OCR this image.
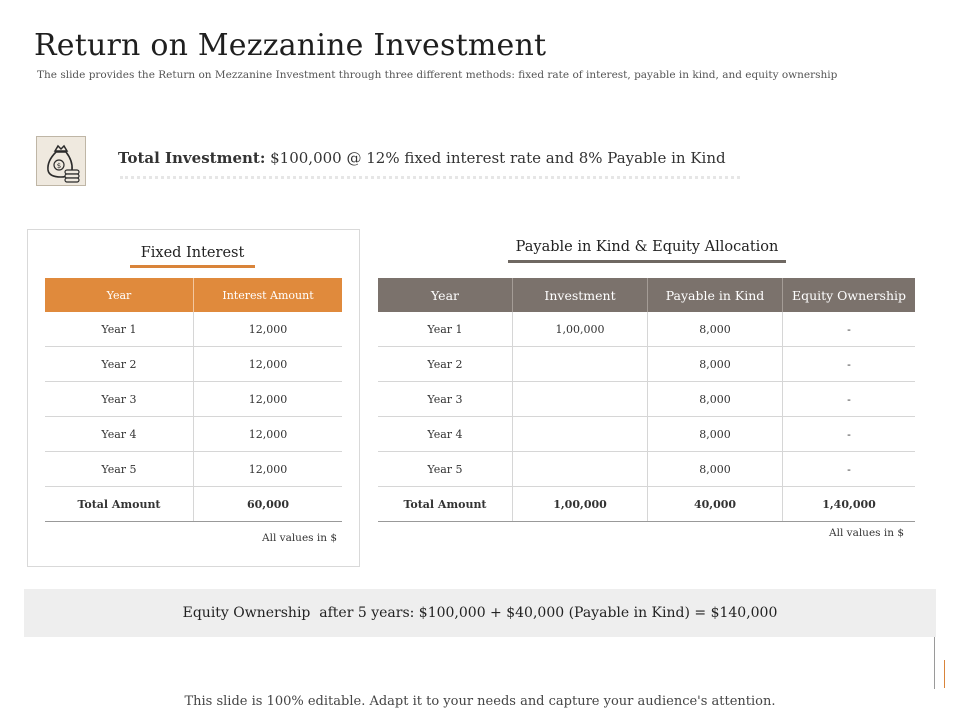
Return on Mezzanine Investment
The slide provides the Return on Mezzanine Investment through three different methods: fixed rate of interest, payable in kind, and equity ownership
$	Total Investment: $100,000 @ 12% fixed interest rate and 8% Payable in Kind
Fixed Interest
Year	Interest Amount
Year 1	12,000
Year 2	12,000
Year 3	12,000
Year 4	12,000
Year 5	12,000
Total Amount	60,000
All values in $
Payable in Kind & Equity Allocation
Year	Investment	Payable in Kind	Equity Ownership
Year 1	1,00,000	8,000	-
Year 2		8,000	-
Year 3		8,000	-
Year 4		8,000	-
Year 5		8,000	-
Total Amount	1,00,000	40,000	1,40,000
All values in $
Equity Ownership  after 5 years: $100,000 + $40,000 (Payable in Kind) = $140,000
This slide is 100% editable. Adapt it to your needs and capture your audience's attention.
